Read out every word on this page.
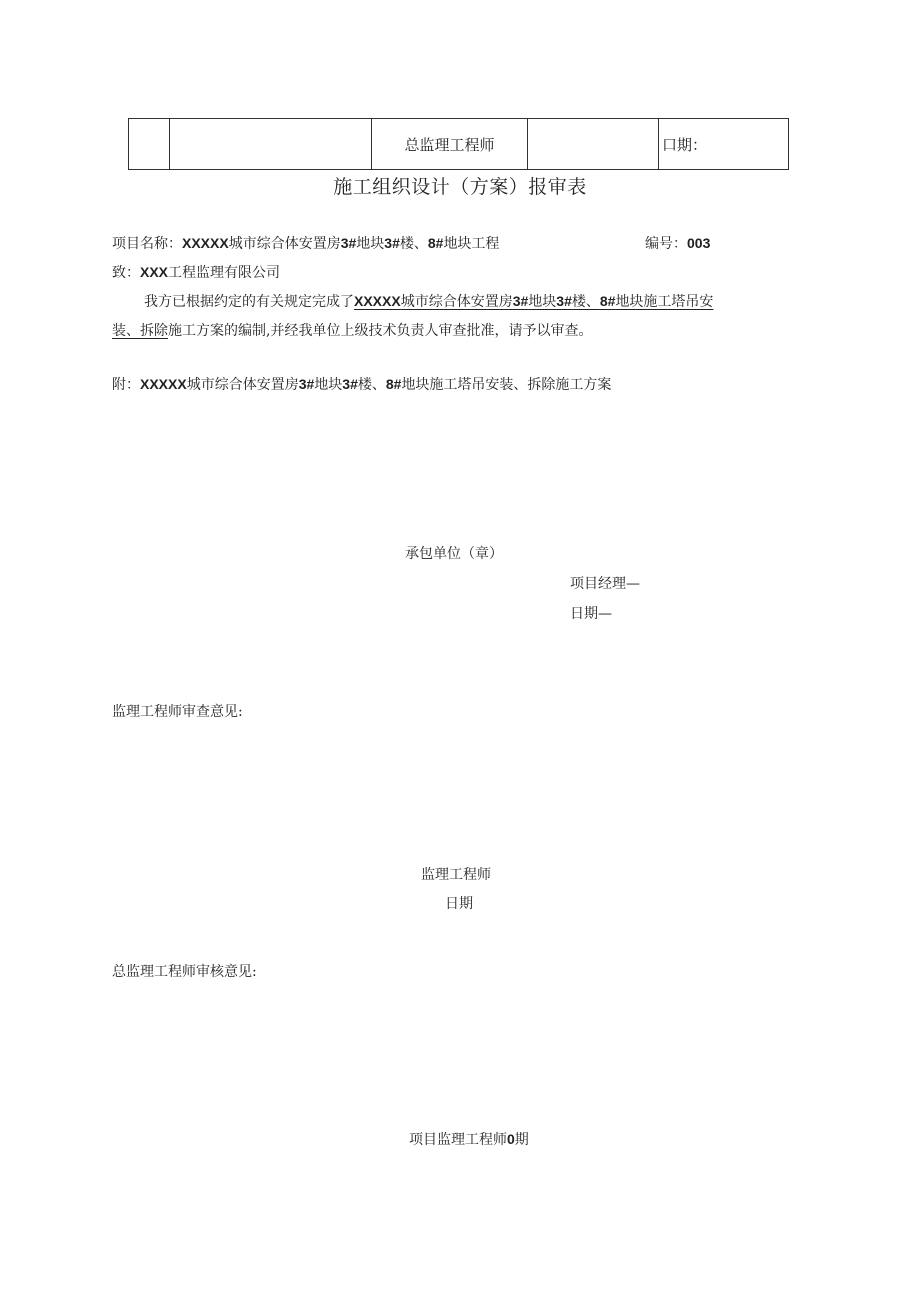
		总监理工程师		口期：
施工组织设计（方案）报审表
项目名称：XXXXX城市综合体安置房3#地块3#楼、8#地块工程	编号：003
致：XXX工程监理有限公司
我方已根据约定的有关规定完成了XXXXX城市综合体安置房3#地块3#楼、8#地块施工塔吊安
装、拆除施工方案的编制,并经我单位上级技术负责人审查批准，请予以审查。
附：XXXXX城市综合体安置房3#地块3#楼、8#地块施工塔吊安装、拆除施工方案
承包单位（章）
项目经理—
日期—
监理工程师审查意见:
监理工程师
日期
总监理工程师审核意见:
项目监理工程师0期
